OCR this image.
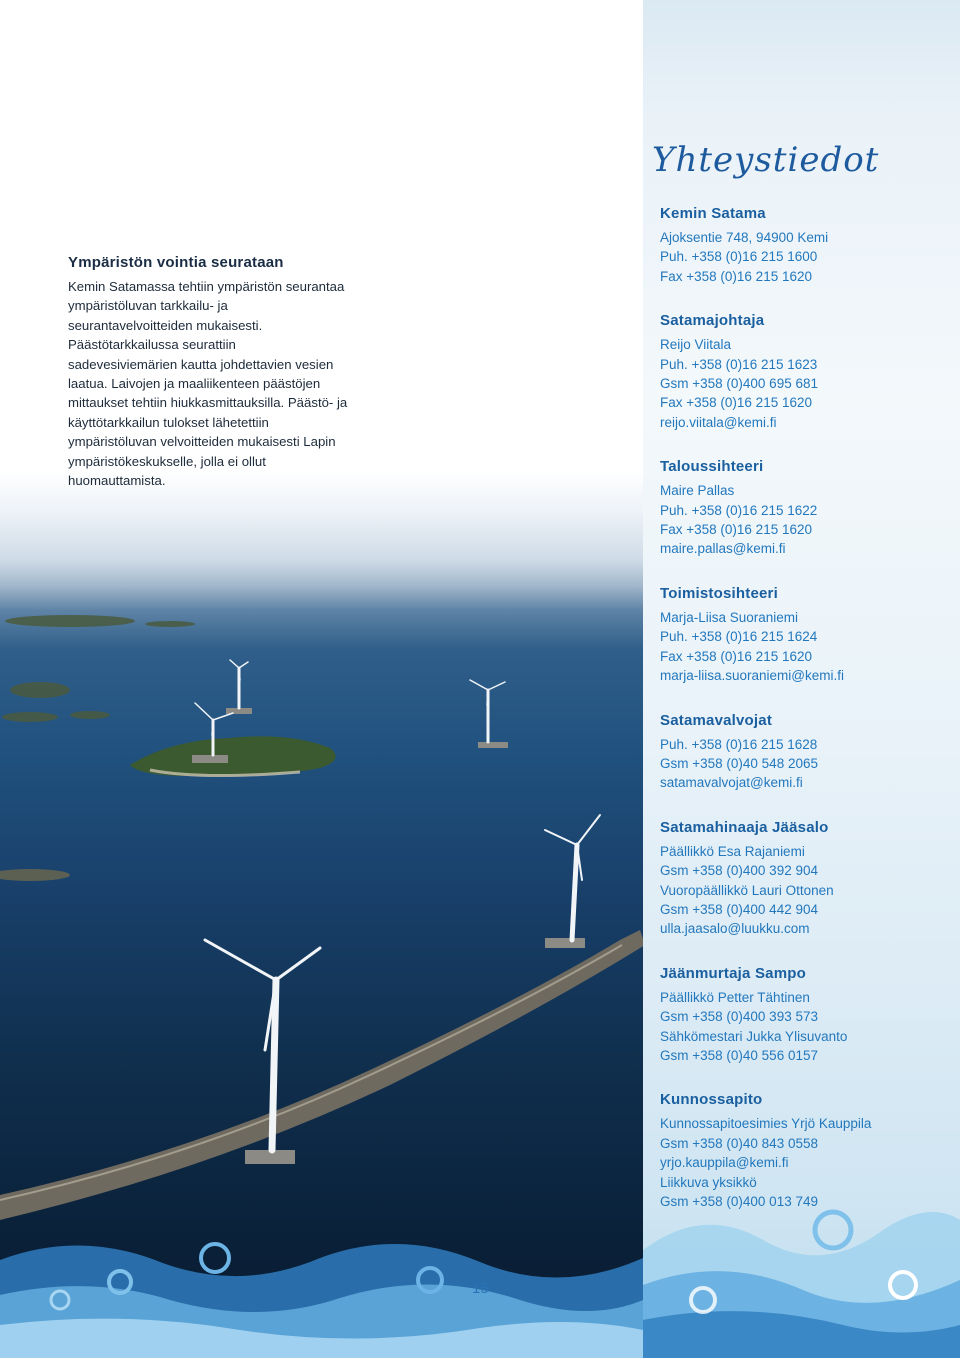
Ympäristön vointia seurataan

Kemin Satamassa tehtiin ympäristön seurantaa ympäristöluvan tarkkailu- ja seurantavelvoitteiden mukaisesti. Päästötarkkailussa seurattiin sadevesiviemärien kautta johdettavien vesien laatua. Laivojen ja maaliikenteen päästöjen mittaukset tehtiin hiukkasmittauksilla. Päästö- ja käyttötarkkailun tulokset lähetettiin ympäristöluvan velvoitteiden mukaisesti Lapin ympäristökeskukselle, jolla ei ollut huomauttamista.

Yhteystiedot
Kemin Satama
Ajoksentie 748, 94900 Kemi
Puh. +358 (0)16 215 1600
Fax +358 (0)16 215 1620
Satamajohtaja
Reijo Viitala
Puh. +358 (0)16 215 1623
Gsm +358 (0)400 695 681
Fax +358 (0)16 215 1620
reijo.viitala@kemi.fi
Taloussihteeri
Maire Pallas
Puh. +358 (0)16 215 1622
Fax +358 (0)16 215 1620
maire.pallas@kemi.fi
Toimistosihteeri
Marja-Liisa Suoraniemi
Puh. +358 (0)16 215 1624
Fax +358 (0)16 215 1620
marja-liisa.suoraniemi@kemi.fi
Satamavalvojat
Puh. +358 (0)16 215 1628
Gsm +358 (0)40 548 2065
satamavalvojat@kemi.fi
Satamahinaaja Jääsalo
Päällikkö Esa Rajaniemi
Gsm +358 (0)400 392 904
Vuoropäällikkö Lauri Ottonen
Gsm +358 (0)400 442 904
ulla.jaasalo@luukku.com
Jäänmurtaja Sampo
Päällikkö Petter Tähtinen
Gsm +358 (0)400 393 573
Sähkömestari Jukka Ylisuvanto
Gsm +358 (0)40 556 0157
Kunnossapito
Kunnossapitoesimies Yrjö Kauppila
Gsm +358 (0)40 843 0558
yrjo.kauppila@kemi.fi
Liikkuva yksikkö
Gsm +358 (0)400 013 749
15
